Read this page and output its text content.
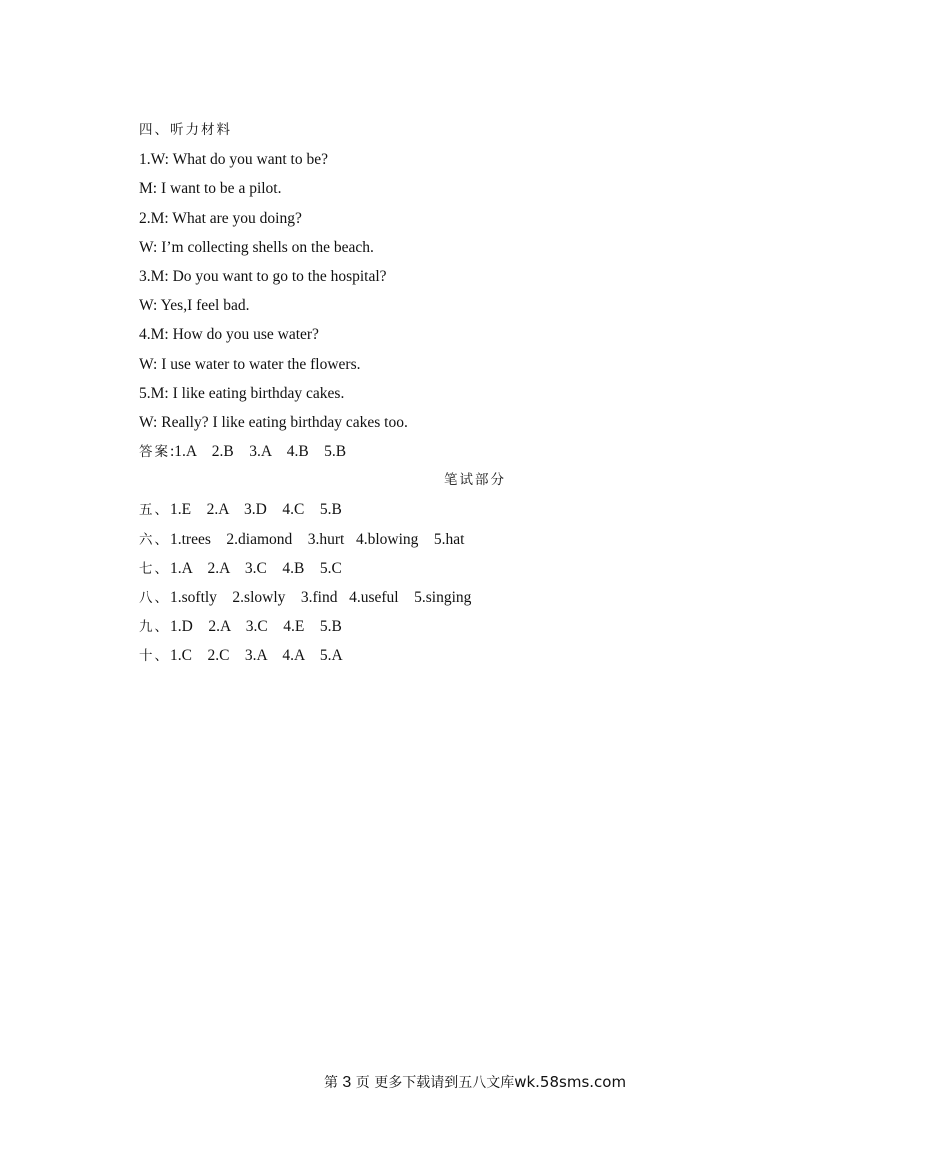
四、听力材料
1.W: What do you want to be?
M: I want to be a pilot.
2.M: What are you doing?
W: I’m collecting shells on the beach.
3.M: Do you want to go to the hospital?
W: Yes,I feel bad.
4.M: How do you use water?
W: I use water to water the flowers.
5.M: I like eating birthday cakes.
W: Really? I like eating birthday cakes too.
答案:1.A    2.B    3.A    4.B    5.B
笔试部分
五、1.E    2.A    3.D    4.C    5.B
六、1.trees    2.diamond    3.hurt   4.blowing    5.hat
七、1.A    2.A    3.C    4.B    5.C
八、1.softly    2.slowly    3.find   4.useful    5.singing
九、1.D    2.A    3.C    4.E    5.B
十、1.C    2.C    3.A    4.A    5.A
第 3 页 更多下载请到五八文库wk.58sms.com
